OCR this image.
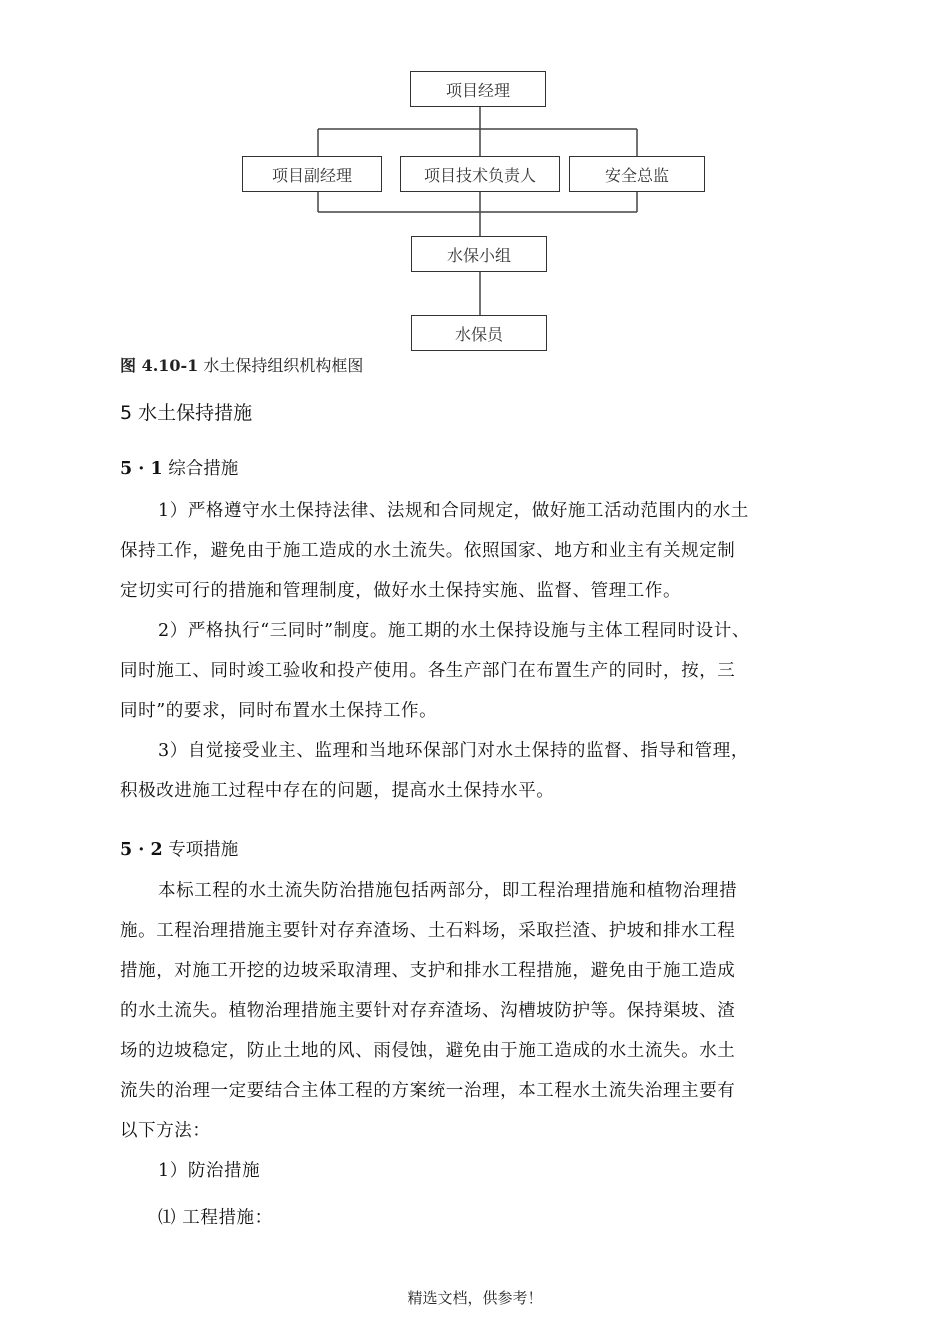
项目经理
项目副经理	项目技术负责人	安全总监
水保小组
水保员
图 4.10-1 水土保持组织机构框图
5 水土保持措施
5 · 1 综合措施
1）严格遵守水土保持法律、法规和合同规定，做好施工活动范围内的水土
保持工作，避免由于施工造成的水土流失。依照国家、地方和业主有关规定制
定切实可行的措施和管理制度，做好水土保持实施、监督、管理工作。
2）严格执行“三同时”制度。施工期的水土保持设施与主体工程同时设计、
同时施工、同时竣工验收和投产使用。各生产部门在布置生产的同时，按，三
同时”的要求，同时布置水土保持工作。
3）自觉接受业主、监理和当地环保部门对水土保持的监督、指导和管理，
积极改进施工过程中存在的问题，提高水土保持水平。
5 · 2 专项措施
本标工程的水土流失防治措施包括两部分，即工程治理措施和植物治理措
施。工程治理措施主要针对存弃渣场、土石料场，采取拦渣、护坡和排水工程
措施，对施工开挖的边坡采取清理、支护和排水工程措施，避免由于施工造成
的水土流失。植物治理措施主要针对存弃渣场、沟槽坡防护等。保持渠坡、渣
场的边坡稳定，防止土地的风、雨侵蚀，避免由于施工造成的水土流失。水土
流失的治理一定要结合主体工程的方案统一治理，本工程水土流失治理主要有
以下方法：
1）防治措施
⑴ 工程措施：
精选文档，供参考！
